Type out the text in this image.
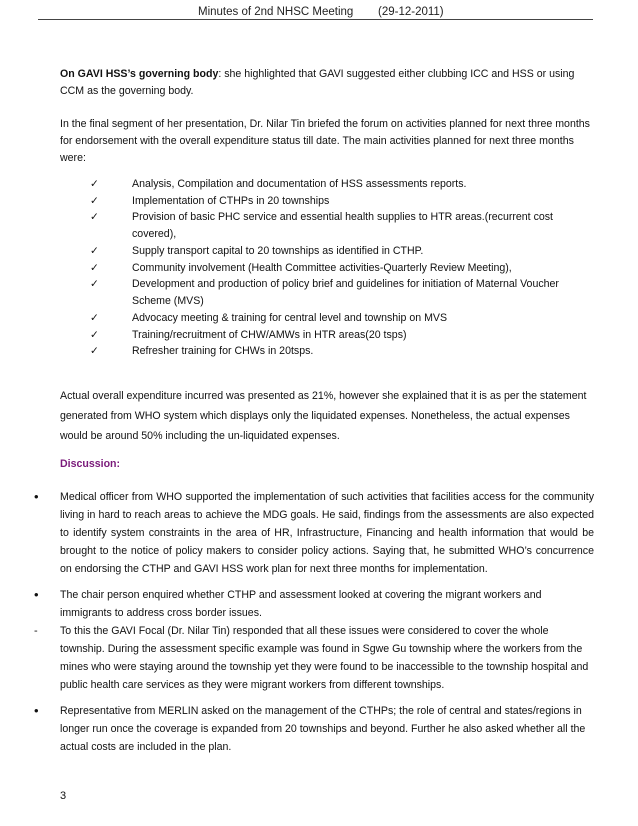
Minutes of 2nd NHSC Meeting (29-12-2011)
On GAVI HSS’s governing body: she highlighted that GAVI suggested either clubbing ICC and HSS or using CCM as the governing body.
In the final segment of her presentation, Dr. Nilar Tin briefed the forum on activities planned for next three months for endorsement with the overall expenditure status till date. The main activities planned for next three months were:
✓	Analysis, Compilation and documentation of HSS assessments reports.
✓	Implementation of CTHPs in 20 townships
✓	Provision of basic PHC service and essential health supplies to HTR areas.(recurrent cost covered),
✓	Supply transport capital to 20 townships as identified in CTHP.
✓	Community involvement (Health Committee activities-Quarterly Review Meeting),
✓	Development and production of policy brief and guidelines for initiation of Maternal Voucher Scheme (MVS)
✓	Advocacy meeting & training for central level and township on MVS
✓	Training/recruitment of CHW/AMWs in HTR areas(20 tsps)
✓	Refresher training for CHWs in 20tsps.
Actual overall expenditure incurred was presented as 21%, however she explained that it is as per the statement generated from WHO system which displays only the liquidated expenses. Nonetheless, the actual expenses would be around 50% including the un-liquidated expenses.
Discussion:
•	Medical officer from WHO supported the implementation of such activities that facilities access for the community living in hard to reach areas to achieve the MDG goals. He said, findings from the assessments are also expected to identify system constraints in the area of HR, Infrastructure, Financing and health information that would be brought to the notice of policy makers to consider policy actions. Saying that, he submitted WHO’s concurrence on endorsing the CTHP and GAVI HSS work plan for next three months for implementation.
•	The chair person enquired whether CTHP and assessment looked at covering the migrant workers and immigrants to address cross border issues.
-	To this the GAVI Focal (Dr. Nilar Tin) responded that all these issues were considered to cover the whole township. During the assessment specific example was found in Sgwe Gu township where the workers from the mines who were staying around the township yet they were found to be inaccessible to the township hospital and public health care services as they were migrant workers from different townships.
•	Representative from MERLIN asked on the management of the CTHPs; the role of central and states/regions in longer run once the coverage is expanded from 20 townships and beyond. Further he also asked whether all the actual costs are included in the plan.
3
